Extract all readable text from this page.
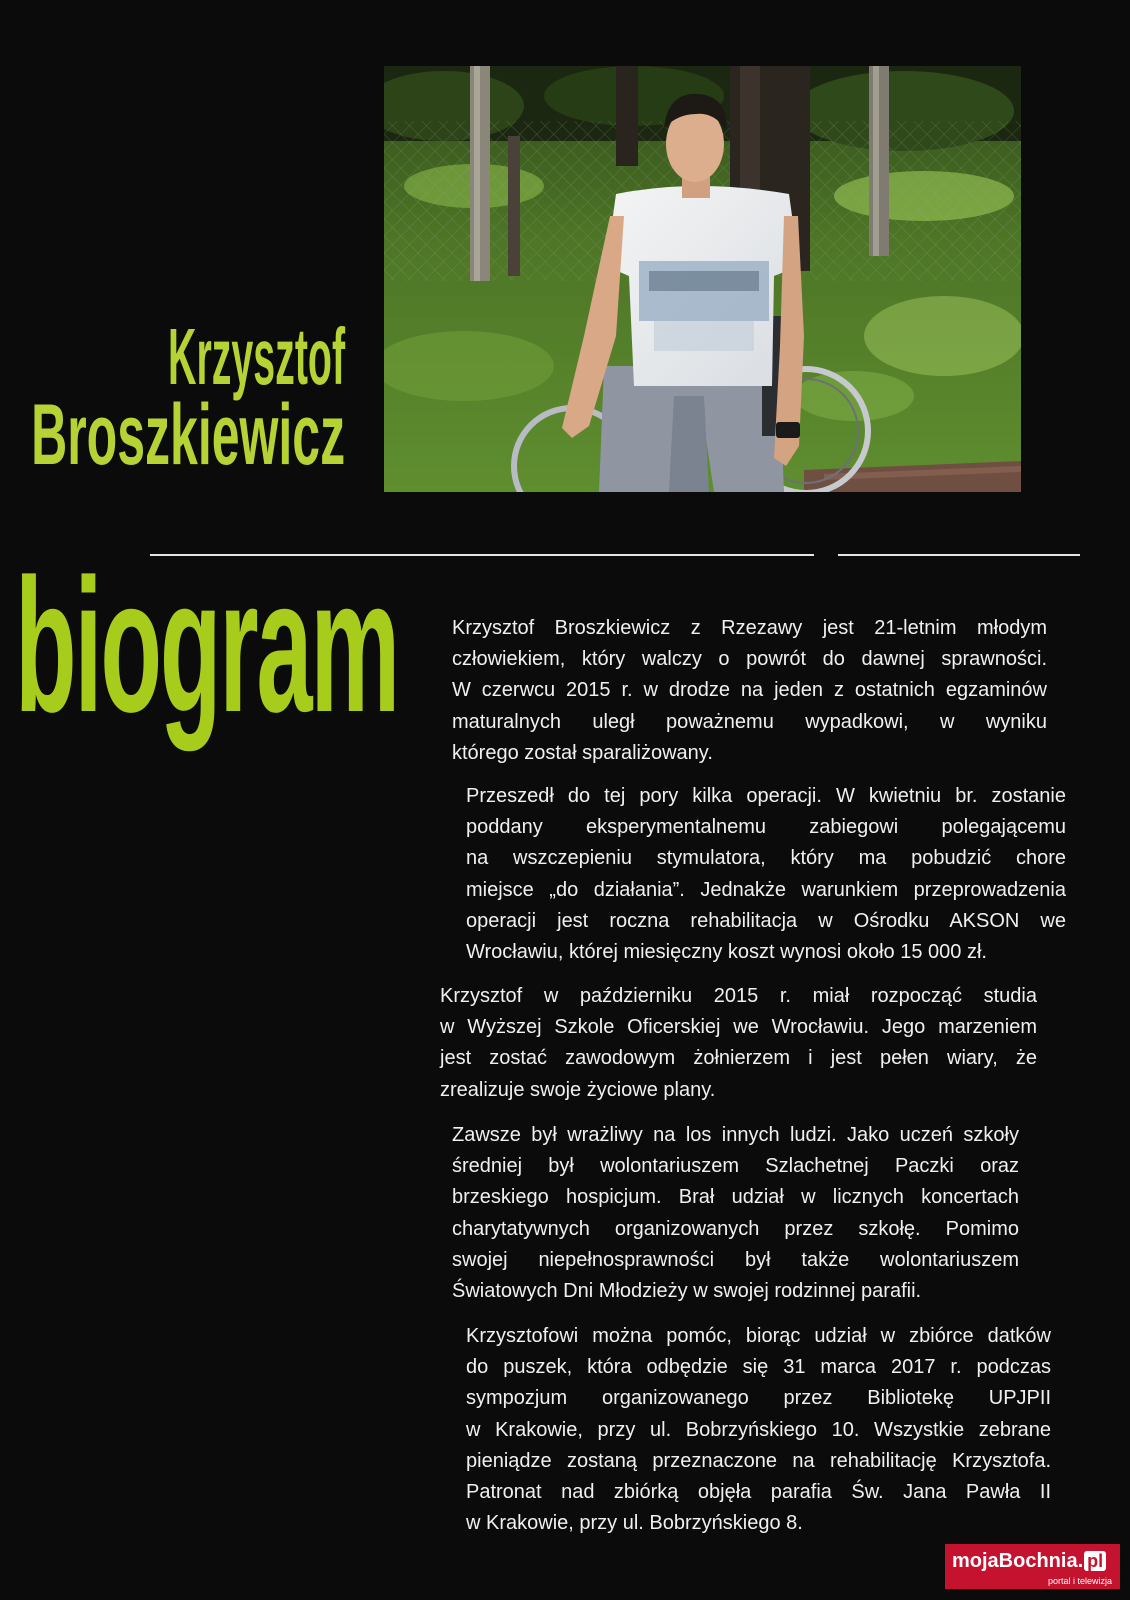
Krzysztof
Broszkiewicz
biogram	Krzysztof Broszkiewicz z Rzezawy jest 21-letnim młodym
człowiekiem, który walczy o powrót do dawnej sprawności.
W czerwcu 2015 r. w drodze na jeden z ostatnich egzaminów
maturalnych uległ poważnemu wypadkowi, w wyniku
którego został sparaliżowany.
Przeszedł do tej pory kilka operacji. W kwietniu br. zostanie
poddany eksperymentalnemu zabiegowi polegającemu
na wszczepieniu stymulatora, który ma pobudzić chore
miejsce „do działania”. Jednakże warunkiem przeprowadzenia
operacji jest roczna rehabilitacja w Ośrodku AKSON we
Wrocławiu, której miesięczny koszt wynosi około 15 000 zł.
Krzysztof w październiku 2015 r. miał rozpocząć studia
w Wyższej Szkole Oficerskiej we Wrocławiu. Jego marzeniem
jest zostać zawodowym żołnierzem i jest pełen wiary, że
zrealizuje swoje życiowe plany.
Zawsze był wrażliwy na los innych ludzi. Jako uczeń szkoły
średniej był wolontariuszem Szlachetnej Paczki oraz
brzeskiego hospicjum. Brał udział w licznych koncertach
charytatywnych organizowanych przez szkołę. Pomimo
swojej niepełnosprawności był także wolontariuszem
Światowych Dni Młodzieży w swojej rodzinnej parafii.
Krzysztofowi można pomóc, biorąc udział w zbiórce datków
do puszek, która odbędzie się 31 marca 2017 r. podczas
sympozjum organizowanego przez Bibliotekę UPJPII
w Krakowie, przy ul. Bobrzyńskiego 10. Wszystkie zebrane
pieniądze zostaną przeznaczone na rehabilitację Krzysztofa.
Patronat nad zbiórką objęła parafia Św. Jana Pawła II
w Krakowie, przy ul. Bobrzyńskiego 8.
mojaBochnia. pl
portal i telewizja
